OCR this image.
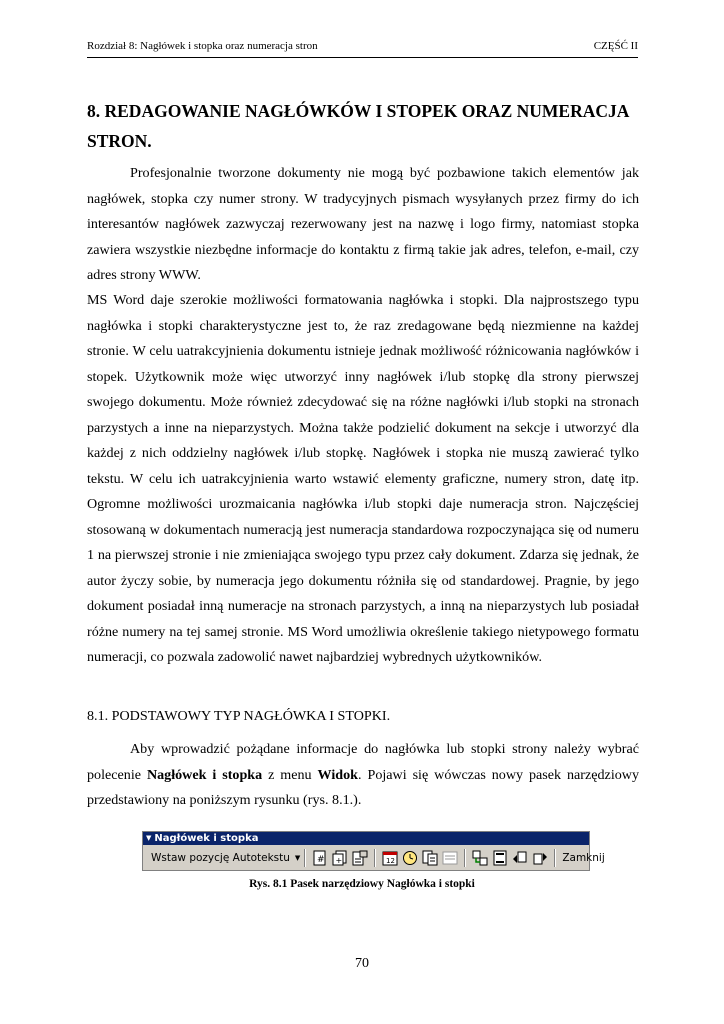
Rozdział 8: Nagłówek i stopka oraz numeracja stron	CZĘŚĆ II
8. REDAGOWANIE NAGŁÓWKÓW I STOPEK ORAZ NUMERACJA STRON.

Profesjonalnie tworzone dokumenty nie mogą być pozbawione takich elementów jak nagłówek, stopka czy numer strony. W tradycyjnych pismach wysyłanych przez firmy do ich interesantów nagłówek zazwyczaj rezerwowany jest na nazwę i logo firmy, natomiast stopka zawiera wszystkie niezbędne informacje do kontaktu z firmą takie jak adres, telefon, e-mail, czy adres strony WWW.

MS Word daje szerokie możliwości formatowania nagłówka i stopki. Dla najprostszego typu nagłówka i stopki charakterystyczne jest to, że raz zredagowane będą niezmienne na każdej stronie. W celu uatrakcyjnienia dokumentu istnieje jednak możliwość różnicowania nagłówków i stopek. Użytkownik może więc utworzyć inny nagłówek i/lub stopkę dla strony pierwszej swojego dokumentu. Może również zdecydować się na różne nagłówki i/lub stopki na stronach parzystych a inne na nieparzystych. Można także podzielić dokument na sekcje i utworzyć dla każdej z nich oddzielny nagłówek i/lub stopkę. Nagłówek i stopka nie muszą zawierać tylko tekstu. W celu ich uatrakcyjnienia warto wstawić elementy graficzne, numery stron, datę itp. Ogromne możliwości urozmaicania nagłówka i/lub stopki daje numeracja stron. Najczęściej stosowaną w dokumentach numeracją jest numeracja standardowa rozpoczynająca się od numeru 1 na pierwszej stronie i nie zmieniająca swojego typu przez cały dokument. Zdarza się jednak, że autor życzy sobie, by numeracja jego dokumentu różniła się od standardowej. Pragnie, by jego dokument posiadał inną numeracje na stronach parzystych, a inną na nieparzystych lub posiadał różne numery na tej samej stronie. MS Word umożliwia określenie takiego nietypowego formatu numeracji, co pozwala zadowolić nawet najbardziej wybrednych użytkowników.

8.1. PODSTAWOWY TYP NAGŁÓWKA I STOPKI.

Aby wprowadzić pożądane informacje do nagłówka lub stopki strony należy wybrać polecenie Nagłówek i stopka z menu Widok. Pojawi się wówczas nowy pasek narzędziowy przedstawiony na poniższym rysunku (rys. 8.1.).

▼ Nagłówek i stopka
Wstaw pozycję Autotekstu ▼ # +	12	Zamknij

Rys. 8.1 Pasek narzędziowy Nagłówka i stopki

70
